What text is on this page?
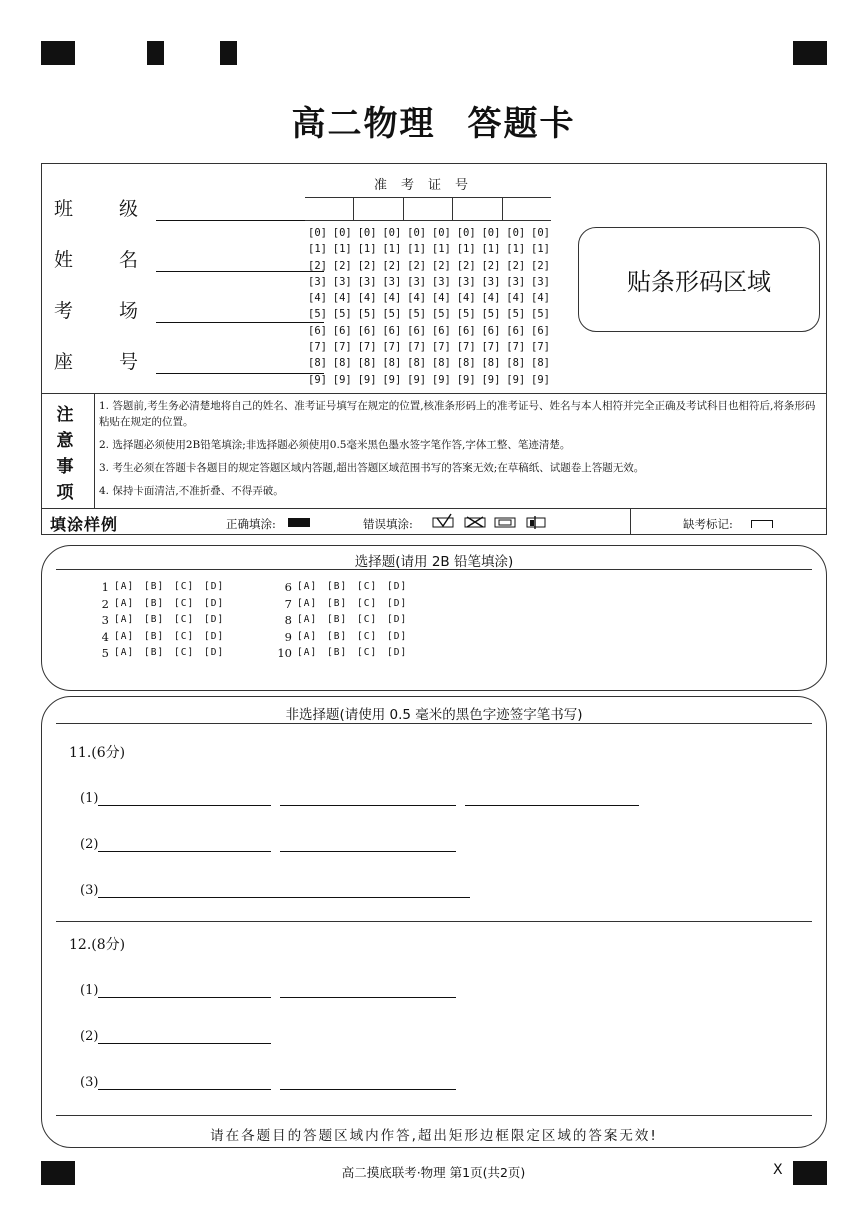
高二物理 答题卡
班 级
姓 名
考 场
座 号
准考证号
[0] [0] [0] [0] [0] [0] [0] [0] [0] [0]
[1] [1] [1] [1] [1] [1] [1] [1] [1] [1]
[2] [2] [2] [2] [2] [2] [2] [2] [2] [2]
[3] [3] [3] [3] [3] [3] [3] [3] [3] [3]
[4] [4] [4] [4] [4] [4] [4] [4] [4] [4]
[5] [5] [5] [5] [5] [5] [5] [5] [5] [5]
[6] [6] [6] [6] [6] [6] [6] [6] [6] [6]
[7] [7] [7] [7] [7] [7] [7] [7] [7] [7]
[8] [8] [8] [8] [8] [8] [8] [8] [8] [8]
[9] [9] [9] [9] [9] [9] [9] [9] [9] [9]
贴条形码区域
注意事项

1. 答题前,考生务必清楚地将自己的姓名、准考证号填写在规定的位置,核准条形码上的准考证号、姓名与本人相符并完全正确及考试科目也相符后,将条形码粘贴在规定的位置。

2. 选择题必须使用2B铅笔填涂;非选择题必须使用0.5毫米黑色墨水签字笔作答,字体工整、笔迹清楚。

3. 考生必须在答题卡各题目的规定答题区域内答题,超出答题区域范围书写的答案无效;在草稿纸、试题卷上答题无效。

4. 保持卡面清洁,不准折叠、不得弄破。

填涂样例	正确填涂:	错误填涂:	缺考标记:
选择题(请用 2B 铅笔填涂)
1 [A]	[B]	[C]	[D]
2 [A]	[B]	[C]	[D]
3 [A]	[B]	[C]	[D]
4 [A]	[B]	[C]	[D]
5 [A]	[B]	[C]	[D]
6 [A]	[B]	[C]	[D]
7 [A]	[B]	[C]	[D]
8 [A]	[B]	[C]	[D]
9 [A]	[B]	[C]	[D]
10 [A]	[B]	[C]	[D]
非选择题(请使用 0.5 毫米的黑色字迹签字笔书写)
11.(6分)
(1)
(2)
(3)
12.(8分)
(1)
(2)
(3)
请在各题目的答题区域内作答,超出矩形边框限定区域的答案无效!
高二摸底联考·物理 第1页(共2页)	X
